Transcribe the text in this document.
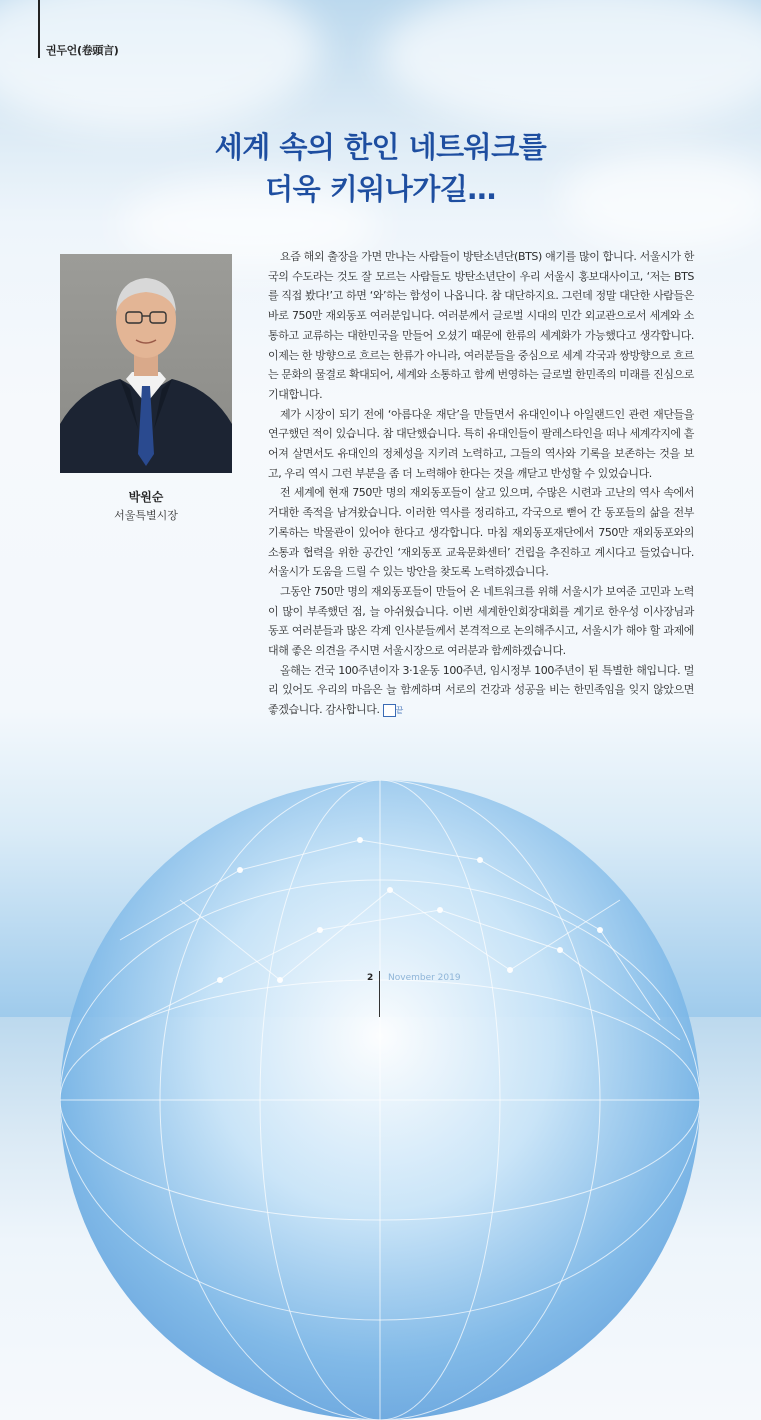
권두언(卷頭言)
세계 속의 한인 네트워크를
더욱 키워나가길…
박원순
서울특별시장

요즘 해외 출장을 가면 만나는 사람들이 방탄소년단(BTS) 얘기를 많이 합니다. 서울시가 한국의 수도라는 것도 잘 모르는 사람들도 방탄소년단이 우리 서울시 홍보대사이고, ‘저는 BTS를 직접 봤다!’고 하면 ‘와’하는 함성이 나옵니다. 참 대단하지요. 그런데 정말 대단한 사람들은 바로 750만 재외동포 여러분입니다. 여러분께서 글로벌 시대의 민간 외교관으로서 세계와 소통하고 교류하는 대한민국을 만들어 오셨기 때문에 한류의 세계화가 가능했다고 생각합니다. 이제는 한 방향으로 흐르는 한류가 아니라, 여러분들을 중심으로 세계 각국과 쌍방향으로 흐르는 문화의 물결로 확대되어, 세계와 소통하고 함께 번영하는 글로벌 한민족의 미래를 진심으로 기대합니다.

제가 시장이 되기 전에 ‘아름다운 재단’을 만들면서 유대인이나 아일랜드인 관련 재단들을 연구했던 적이 있습니다. 참 대단했습니다. 특히 유대인들이 팔레스타인을 떠나 세계각지에 흩어져 살면서도 유대인의 정체성을 지키려 노력하고, 그들의 역사와 기록을 보존하는 것을 보고, 우리 역시 그런 부분을 좀 더 노력해야 한다는 것을 깨닫고 반성할 수 있었습니다.

전 세계에 현재 750만 명의 재외동포들이 살고 있으며, 수많은 시련과 고난의 역사 속에서 거대한 족적을 남겨왔습니다. 이러한 역사를 정리하고, 각국으로 뻗어 간 동포들의 삶을 전부 기록하는 박물관이 있어야 한다고 생각합니다. 마침 재외동포재단에서 750만 재외동포와의 소통과 협력을 위한 공간인 ‘재외동포 교육문화센터’ 건립을 추진하고 계시다고 들었습니다. 서울시가 도움을 드릴 수 있는 방안을 찾도록 노력하겠습니다.

그동안 750만 명의 재외동포들이 만들어 온 네트워크를 위해 서울시가 보여준 고민과 노력이 많이 부족했던 점, 늘 아쉬웠습니다. 이번 세계한인회장대회를 계기로 한우성 이사장님과 동포 여러분들과 많은 각계 인사분들께서 본격적으로 논의해주시고, 서울시가 해야 할 과제에 대해 좋은 의견을 주시면 서울시장으로 여러분과 함께하겠습니다.

올해는 건국 100주년이자 3·1운동 100주년, 임시정부 100주년이 된 특별한 해입니다. 멀리 있어도 우리의 마음은 늘 함께하며 서로의 건강과 성공을 비는 한민족임을 잊지 않았으면 좋겠습니다. 감사합니다. 끝

2 November 2019
